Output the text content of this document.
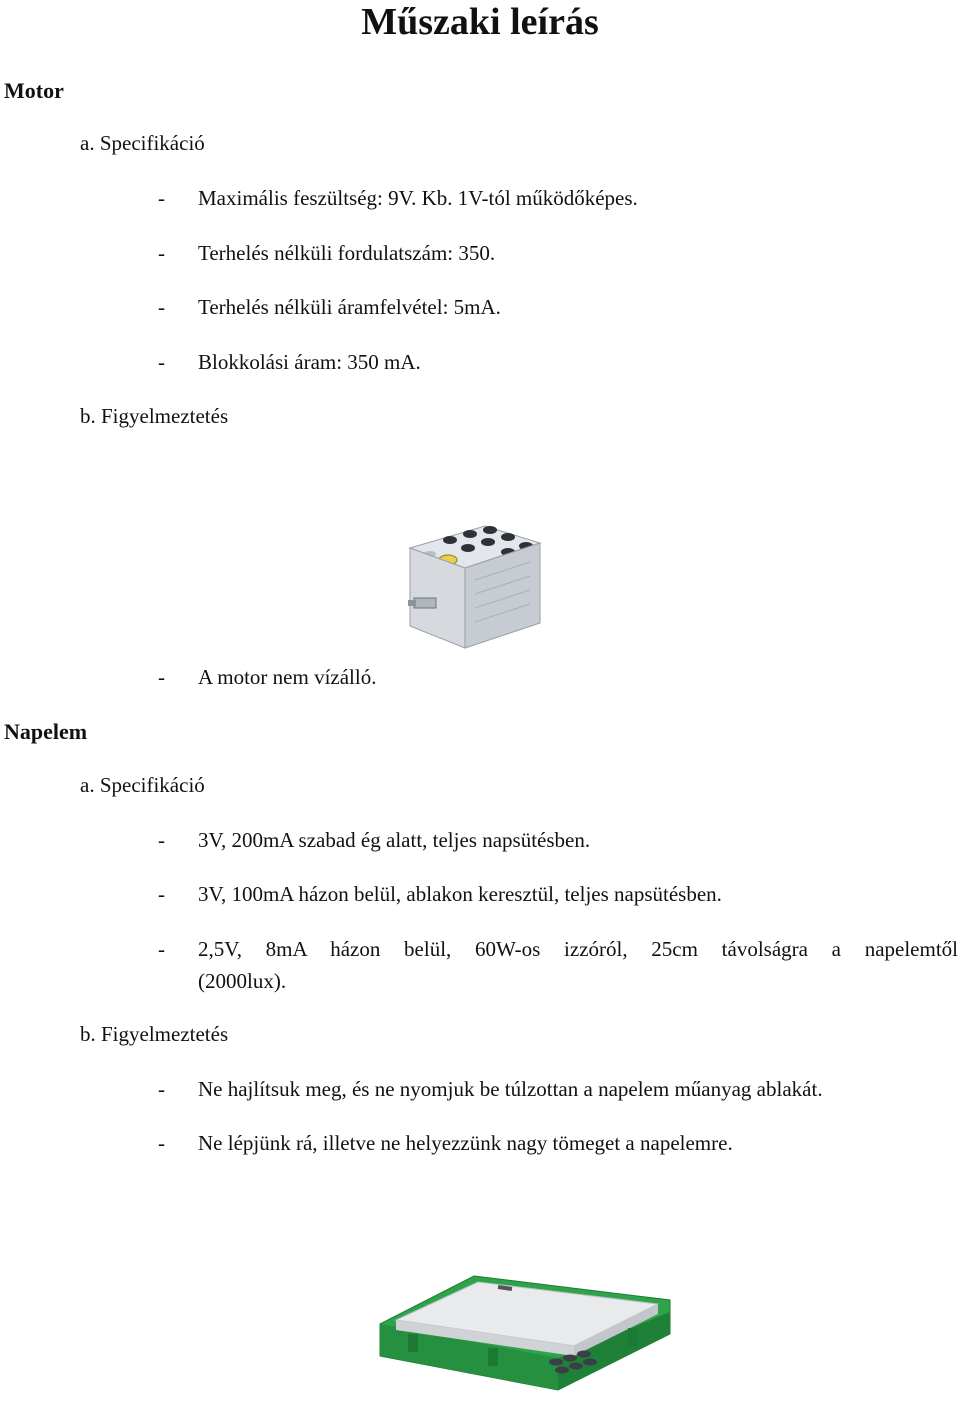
Műszaki leírás
Motor
a. Specifikáció
- Maximális feszültség: 9V. Kb. 1V-tól működőképes.
- Terhelés nélküli fordulatszám: 350.
- Terhelés nélküli áramfelvétel: 5mA.
- Blokkolási áram: 350 mA.
b. Figyelmeztetés
- A motor nem vízálló.
Napelem
a. Specifikáció
- 3V, 200mA szabad ég alatt, teljes napsütésben.
- 3V, 100mA házon belül, ablakon keresztül, teljes napsütésben.
- 2,5V, 8mA házon belül, 60W-os izzóról, 25cm távolságra a napelemtől
(2000lux).
b. Figyelmeztetés
- Ne hajlítsuk meg, és ne nyomjuk be túlzottan a napelem műanyag ablakát.
- Ne lépjünk rá, illetve ne helyezzünk nagy tömeget a napelemre.
